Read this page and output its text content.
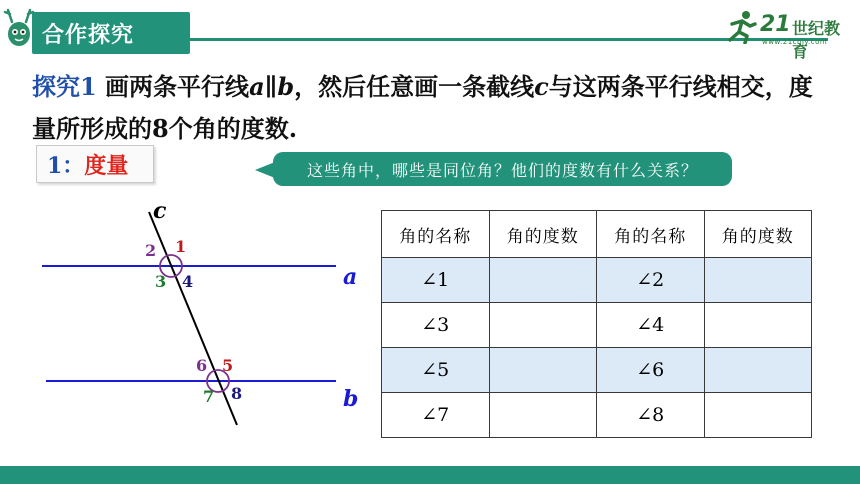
合作探究	21 世纪教育
www.21cnjy.com
探究1 画两条平行线a∥b，然后任意画一条截线c与这两条平行线相交，度量所形成的8个角的度数.
1： 度量	这些角中，哪些是同位角？他们的度数有什么关系？
c
a
b
1
2
3 4
5
6
7 8
角的名称	角的度数	角的名称	角的度数
∠1		∠2	
∠3		∠4	
∠5		∠6	
∠7		∠8	
